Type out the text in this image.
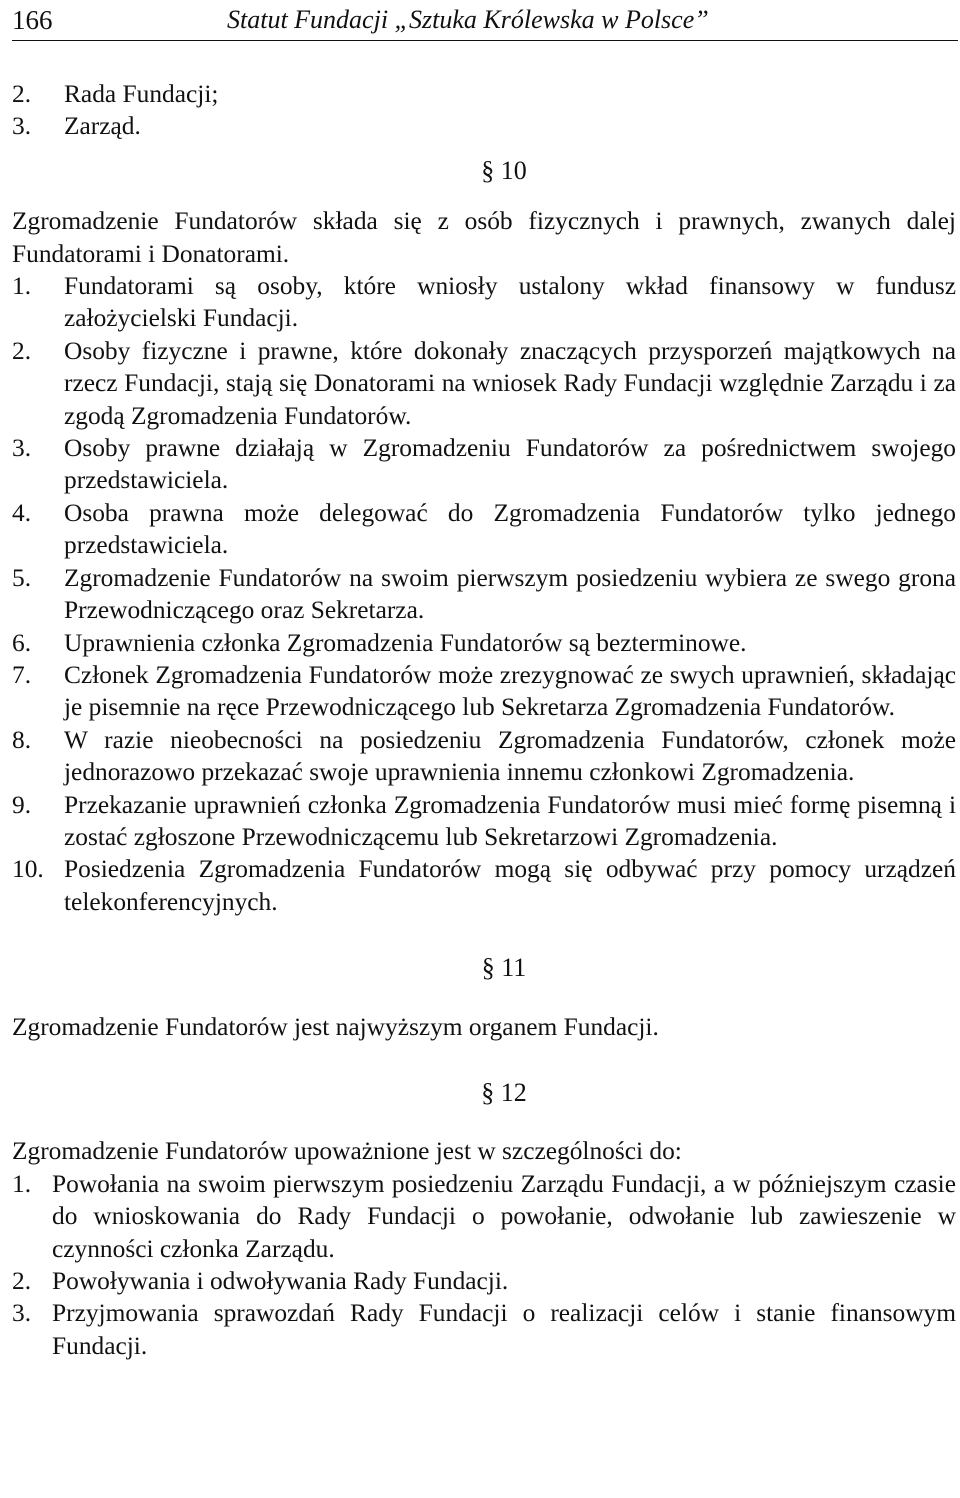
166	Statut Fundacji „Sztuka Królewska w Polsce”
2.	Rada Fundacji;
3.	Zarząd.
§ 10

Zgromadzenie Fundatorów składa się z osób fizycznych i prawnych, zwanych dalej Fundatorami i Donatorami.

1.	Fundatorami są osoby, które wniosły ustalony wkład finansowy w fundusz założycielski Fundacji.
2.	Osoby fizyczne i prawne, które dokonały znaczących przysporzeń majątkowych na rzecz Fundacji, stają się Donatorami na wniosek Rady Fundacji względnie Zarządu i za zgodą Zgromadzenia Fundatorów.
3.	Osoby prawne działają w Zgromadzeniu Fundatorów za pośrednictwem swojego przedstawiciela.
4.	Osoba prawna może delegować do Zgromadzenia Fundatorów tylko jednego przedstawiciela.
5.	Zgromadzenie Fundatorów na swoim pierwszym posiedzeniu wybiera ze swego grona Przewodniczącego oraz Sekretarza.
6.	Uprawnienia członka Zgromadzenia Fundatorów są bezterminowe.
7.	Członek Zgromadzenia Fundatorów może zrezygnować ze swych uprawnień, składając je pisemnie na ręce Przewodniczącego lub Sekretarza Zgromadzenia Fundatorów.
8.	W razie nieobecności na posiedzeniu Zgromadzenia Fundatorów, członek może jednorazowo przekazać swoje uprawnienia innemu członkowi Zgromadzenia.
9.	Przekazanie uprawnień członka Zgromadzenia Fundatorów musi mieć formę pisemną i zostać zgłoszone Przewodniczącemu lub Sekretarzowi Zgromadzenia.
10. Posiedzenia Zgromadzenia Fundatorów mogą się odbywać przy pomocy urządzeń telekonferencyjnych.
§ 11

Zgromadzenie Fundatorów jest najwyższym organem Fundacji.

§ 12

Zgromadzenie Fundatorów upoważnione jest w szczególności do:

1. Powołania na swoim pierwszym posiedzeniu Zarządu Fundacji, a w późniejszym czasie do wnioskowania do Rady Fundacji o powołanie, odwołanie lub zawieszenie w czynności członka Zarządu.
2. Powoływania i odwoływania Rady Fundacji.
3. Przyjmowania sprawozdań Rady Fundacji o realizacji celów i stanie finansowym Fundacji.
